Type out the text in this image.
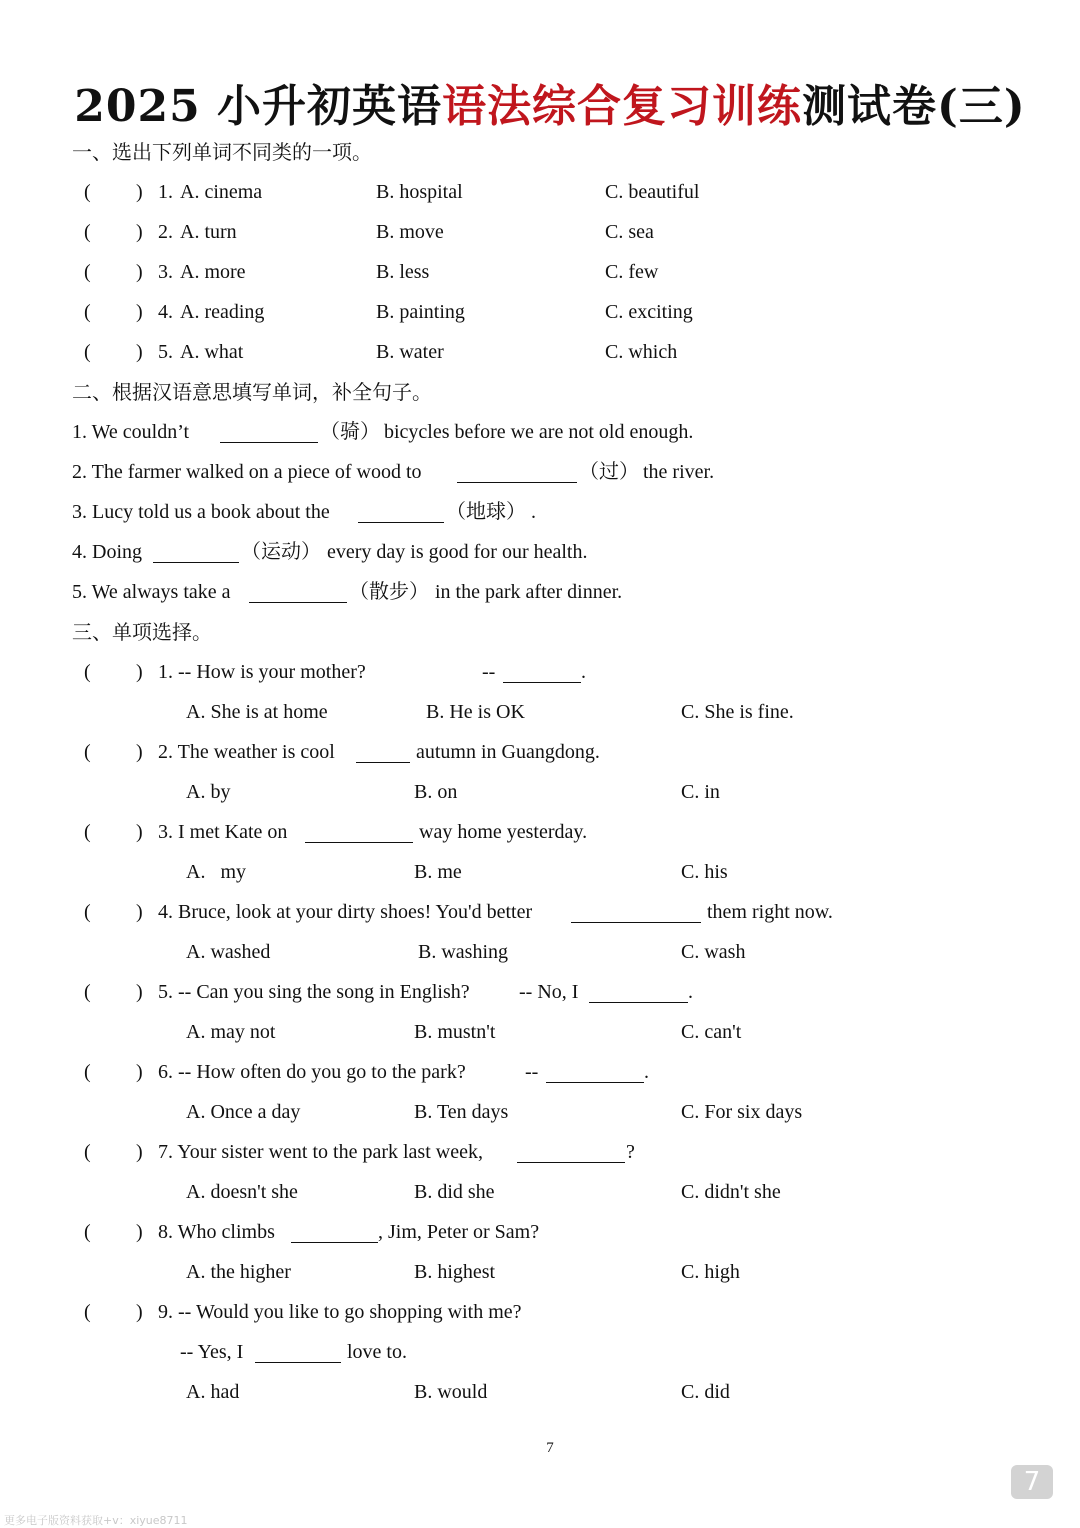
2025 小升初英语语法综合复习训练测试卷(三)
一、选出下列单词不同类的一项。
( ) 1. A. cinema	B. hospital	C. beautiful
( ) 2. A. turn	B. move	C. sea
( ) 3. A. more	B. less	C. few
( ) 4. A. reading	B. painting	C. exciting
( ) 5. A. what	B. water	C. which
二、根据汉语意思填写单词，补全句子。
1. We couldn’t	（骑） bicycles before we are not old enough.
2. The farmer walked on a piece of wood to	（过） the river.
3. Lucy told us a book about the	（地球） .
4. Doing	（运动） every day is good for our health.
5. We always take a	（散步） in the park after dinner.
三、单项选择。
( ) 1. -- How is your mother?	--	.
A. She is at home	B. He is OK	C. She is fine.
( ) 2. The weather is cool	autumn in Guangdong.
A. by	B. on	C. in
( ) 3. I met Kate on	way home yesterday.
A.   my	B. me	C. his
( ) 4. Bruce, look at your dirty shoes! You'd better	them right now.
A. washed	B. washing	C. wash
( ) 5. -- Can you sing the song in English? -- No, I	.
A. may not	B. mustn't	C. can't
( ) 6. -- How often do you go to the park?	--	.
A. Once a day	B. Ten days	C. For six days
( ) 7. Your sister went to the park last week,	?
A. doesn't she	B. did she	C. didn't she
( ) 8. Who climbs	, Jim, Peter or Sam?
A. the higher	B. highest	C. high
( ) 9. -- Would you like to go shopping with me?
-- Yes, I	love to.
A. had	B. would	C. did
7
7
更多电子版资料获取+v：xiyue8711
